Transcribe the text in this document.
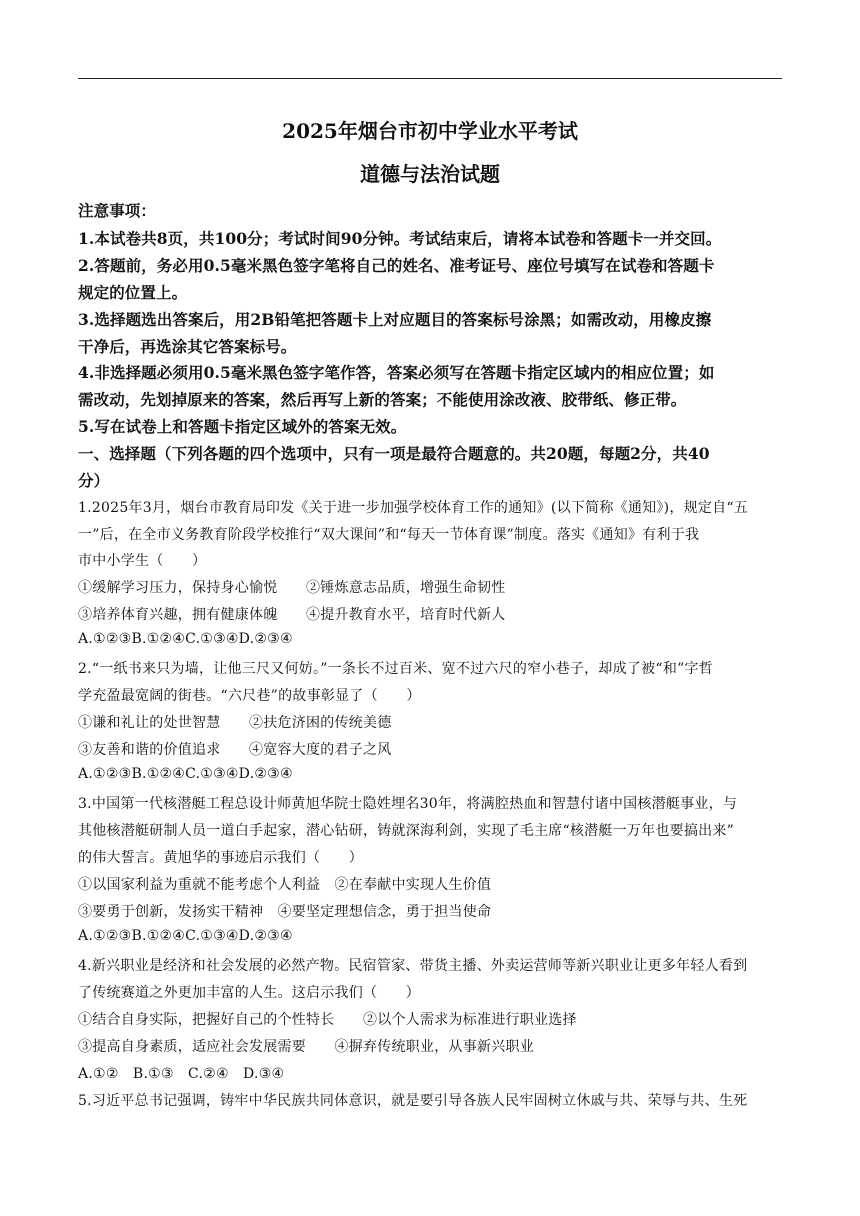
2025年烟台市初中学业水平考试
道德与法治试题
注意事项：
1.本试卷共8页，共100分；考试时间90分钟。考试结束后，请将本试卷和答题卡一并交回。
2.答题前，务必用0.5毫米黑色签字笔将自己的姓名、准考证号、座位号填写在试卷和答题卡
规定的位置上。
3.选择题选出答案后，用2B铅笔把答题卡上对应题目的答案标号涂黑；如需改动，用橡皮擦
干净后，再选涂其它答案标号。
4.非选择题必须用0.5毫米黑色签字笔作答，答案必须写在答题卡指定区域内的相应位置；如
需改动，先划掉原来的答案，然后再写上新的答案；不能使用涂改液、胶带纸、修正带。
5.写在试卷上和答题卡指定区域外的答案无效。
一、选择题（下列各题的四个选项中，只有一项是最符合题意的。共20题，每题2分，共40
分）
1.2025年3月，烟台市教育局印发《关于进一步加强学校体育工作的通知》(以下简称《通知》)，规定自“五
一”后，在全市义务教育阶段学校推行“双大课间”和“每天一节体育课”制度。落实《通知》有利于我
市中小学生（　　）
①缓解学习压力，保持身心愉悦　　②锤炼意志品质，增强生命韧性
③培养体育兴趣，拥有健康体魄　　④提升教育水平，培育时代新人
A.①②③B.①②④C.①③④D.②③④
2.“一纸书来只为墙，让他三尺又何妨。”一条长不过百米、宽不过六尺的窄小巷子，却成了被“和”字哲
学充盈最宽阔的街巷。“六尺巷”的故事彰显了（　　）
①谦和礼让的处世智慧　　②扶危济困的传统美德
③友善和谐的价值追求　　④宽容大度的君子之风
A.①②③B.①②④C.①③④D.②③④
3.中国第一代核潜艇工程总设计师黄旭华院士隐姓埋名30年，将满腔热血和智慧付诸中国核潜艇事业，与
其他核潜艇研制人员一道白手起家，潜心钻研，铸就深海利剑，实现了毛主席“核潜艇一万年也要搞出来”
的伟大誓言。黄旭华的事迹启示我们（　　）
①以国家利益为重就不能考虑个人利益　②在奉献中实现人生价值
③要勇于创新，发扬实干精神　④要坚定理想信念，勇于担当使命
A.①②③B.①②④C.①③④D.②③④
4.新兴职业是经济和社会发展的必然产物。民宿管家、带货主播、外卖运营师等新兴职业让更多年轻人看到
了传统赛道之外更加丰富的人生。这启示我们（　　）
①结合自身实际，把握好自己的个性特长　　②以个人需求为标准进行职业选择
③提高自身素质，适应社会发展需要　　④摒弃传统职业，从事新兴职业
A.①②　B.①③　C.②④　D.③④
5.习近平总书记强调，铸牢中华民族共同体意识，就是要引导各族人民牢固树立休戚与共、荣辱与共、生死
